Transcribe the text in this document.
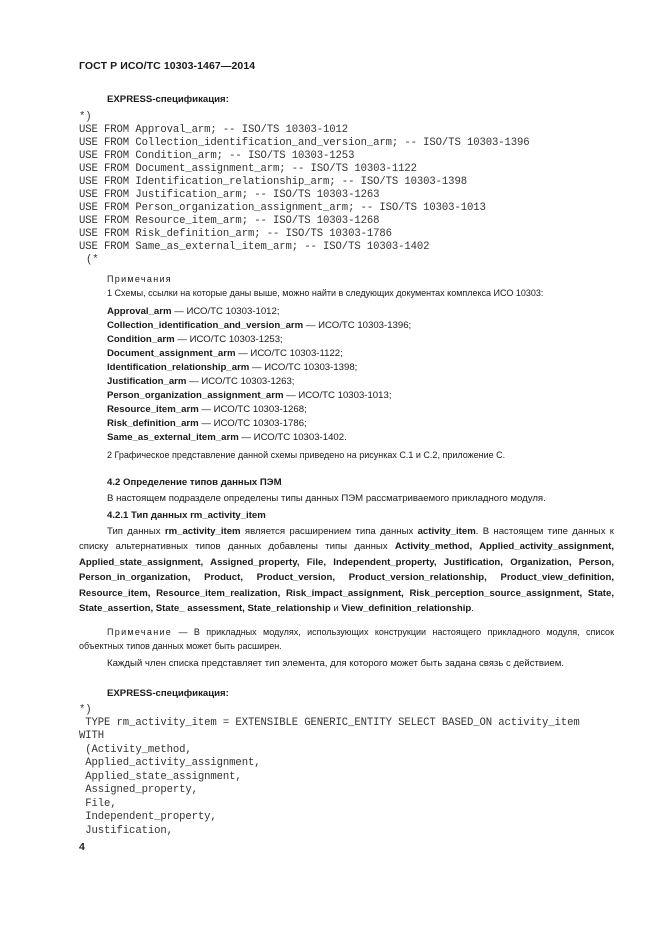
ГОСТ Р ИСО/ТС 10303-1467—2014
EXPRESS-спецификация:
*)
USE FROM Approval_arm; -- ISO/TS 10303-1012
USE FROM Collection_identification_and_version_arm; -- ISO/TS 10303-1396
USE FROM Condition_arm; -- ISO/TS 10303-1253
USE FROM Document_assignment_arm; -- ISO/TS 10303-1122
USE FROM Identification_relationship_arm; -- ISO/TS 10303-1398
USE FROM Justification_arm; -- ISO/TS 10303-1263
USE FROM Person_organization_assignment_arm; -- ISO/TS 10303-1013
USE FROM Resource_item_arm; -- ISO/TS 10303-1268
USE FROM Risk_definition_arm; -- ISO/TS 10303-1786
USE FROM Same_as_external_item_arm; -- ISO/TS 10303-1402
(*
Примечания
1 Схемы, ссылки на которые даны выше, можно найти в следующих документах комплекса ИСО 10303:
Approval_arm — ИСО/ТС 10303-1012;
Collection_identification_and_version_arm — ИСО/ТС 10303-1396;
Condition_arm — ИСО/ТС 10303-1253;
Document_assignment_arm — ИСО/ТС 10303-1122;
Identification_relationship_arm — ИСО/ТС 10303-1398;
Justification_arm — ИСО/ТС 10303-1263;
Person_organization_assignment_arm — ИСО/ТС 10303-1013;
Resource_item_arm — ИСО/ТС 10303-1268;
Risk_definition_arm — ИСО/ТС 10303-1786;
Same_as_external_item_arm — ИСО/ТС 10303-1402.
2 Графическое представление данной схемы приведено на рисунках С.1 и С.2, приложение С.
4.2 Определение типов данных ПЭМ
В настоящем подразделе определены типы данных ПЭМ рассматриваемого прикладного модуля.
4.2.1 Тип данных rm_activity_item
Тип данных rm_activity_item является расширением типа данных activity_item. В настоящем типе данных к списку альтернативных типов данных добавлены типы данных Activity_method, Applied_activity_assignment, Applied_state_assignment, Assigned_property, File, Independent_property, Justification, Organization, Person, Person_in_organization, Product, Product_version, Product_version_relationship, Product_view_definition, Resource_item, Resource_item_realization, Risk_impact_assignment, Risk_perception_source_assignment, State, State_assertion, State_ assessment, State_relationship и View_definition_relationship.
Примечание — В прикладных модулях, использующих конструкции настоящего прикладного модуля, список объектных типов данных может быть расширен.
Каждый член списка представляет тип элемента, для которого может быть задана связь с действием.
EXPRESS-спецификация:
*)
TYPE rm_activity_item = EXTENSIBLE GENERIC_ENTITY SELECT BASED_ON activity_item
WITH
(Activity_method,
Applied_activity_assignment,
Applied_state_assignment,
Assigned_property,
File,
Independent_property,
Justification,
4
